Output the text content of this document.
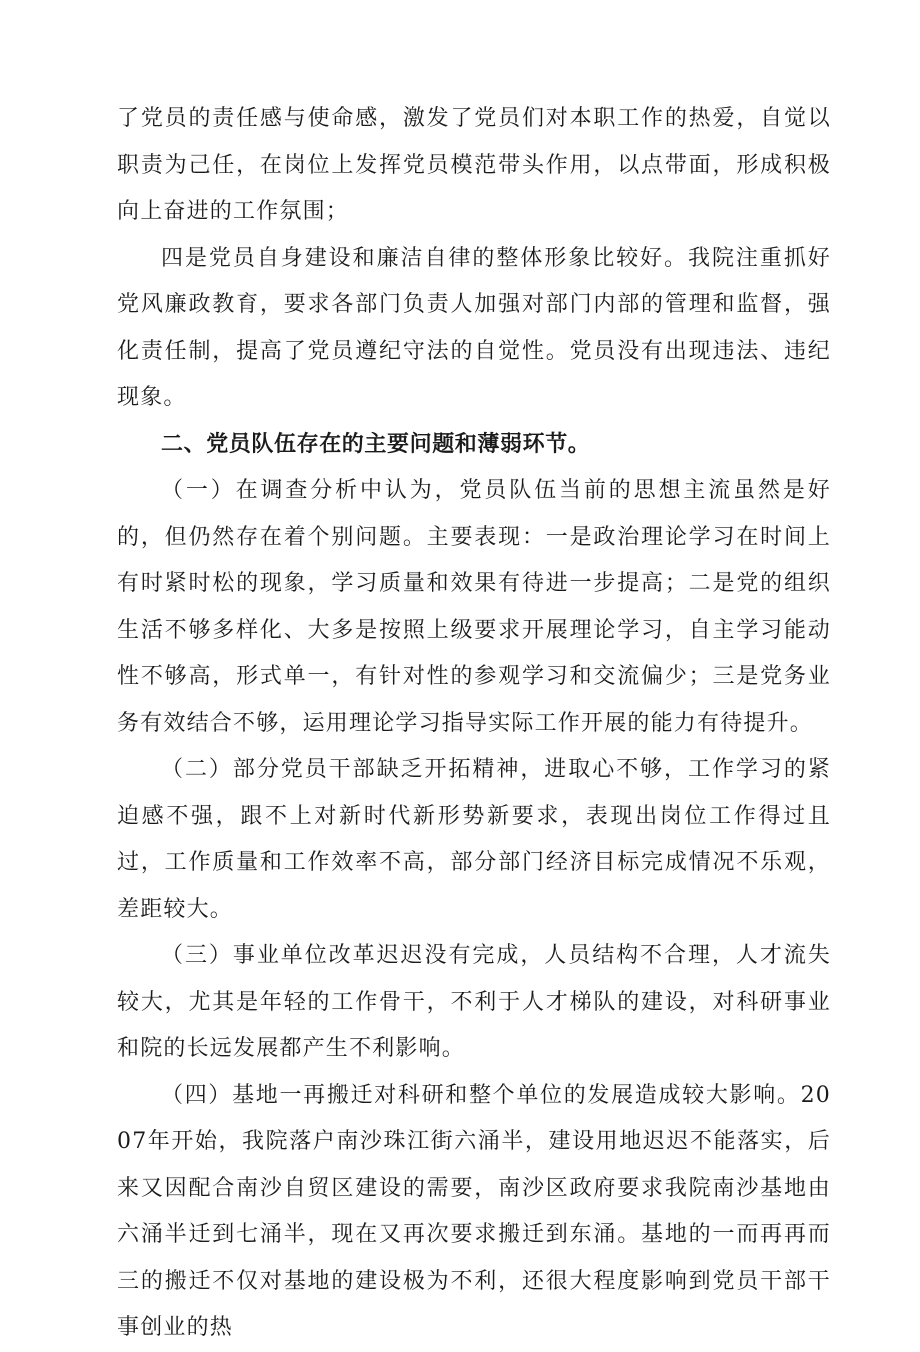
了党员的责任感与使命感，激发了党员们对本职工作的热爱，自觉以职责为己任，在岗位上发挥党员模范带头作用，以点带面，形成积极向上奋进的工作氛围；

四是党员自身建设和廉洁自律的整体形象比较好。我院注重抓好党风廉政教育，要求各部门负责人加强对部门内部的管理和监督，强化责任制，提高了党员遵纪守法的自觉性。党员没有出现违法、违纪现象。

二、党员队伍存在的主要问题和薄弱环节。

（一）在调查分析中认为，党员队伍当前的思想主流虽然是好的，但仍然存在着个别问题。主要表现：一是政治理论学习在时间上有时紧时松的现象，学习质量和效果有待进一步提高；二是党的组织生活不够多样化、大多是按照上级要求开展理论学习，自主学习能动性不够高，形式单一，有针对性的参观学习和交流偏少；三是党务业务有效结合不够，运用理论学习指导实际工作开展的能力有待提升。

（二）部分党员干部缺乏开拓精神，进取心不够，工作学习的紧迫感不强，跟不上对新时代新形势新要求，表现出岗位工作得过且过，工作质量和工作效率不高，部分部门经济目标完成情况不乐观，差距较大。

（三）事业单位改革迟迟没有完成，人员结构不合理，人才流失较大，尤其是年轻的工作骨干，不利于人才梯队的建设，对科研事业和院的长远发展都产生不利影响。

（四）基地一再搬迁对科研和整个单位的发展造成较大影响。2007年开始，我院落户南沙珠江街六涌半，建设用地迟迟不能落实，后来又因配合南沙自贸区建设的需要，南沙区政府要求我院南沙基地由六涌半迁到七涌半，现在又再次要求搬迁到东涌。基地的一而再再而三的搬迁不仅对基地的建设极为不利，还很大程度影响到党员干部干事创业的热
